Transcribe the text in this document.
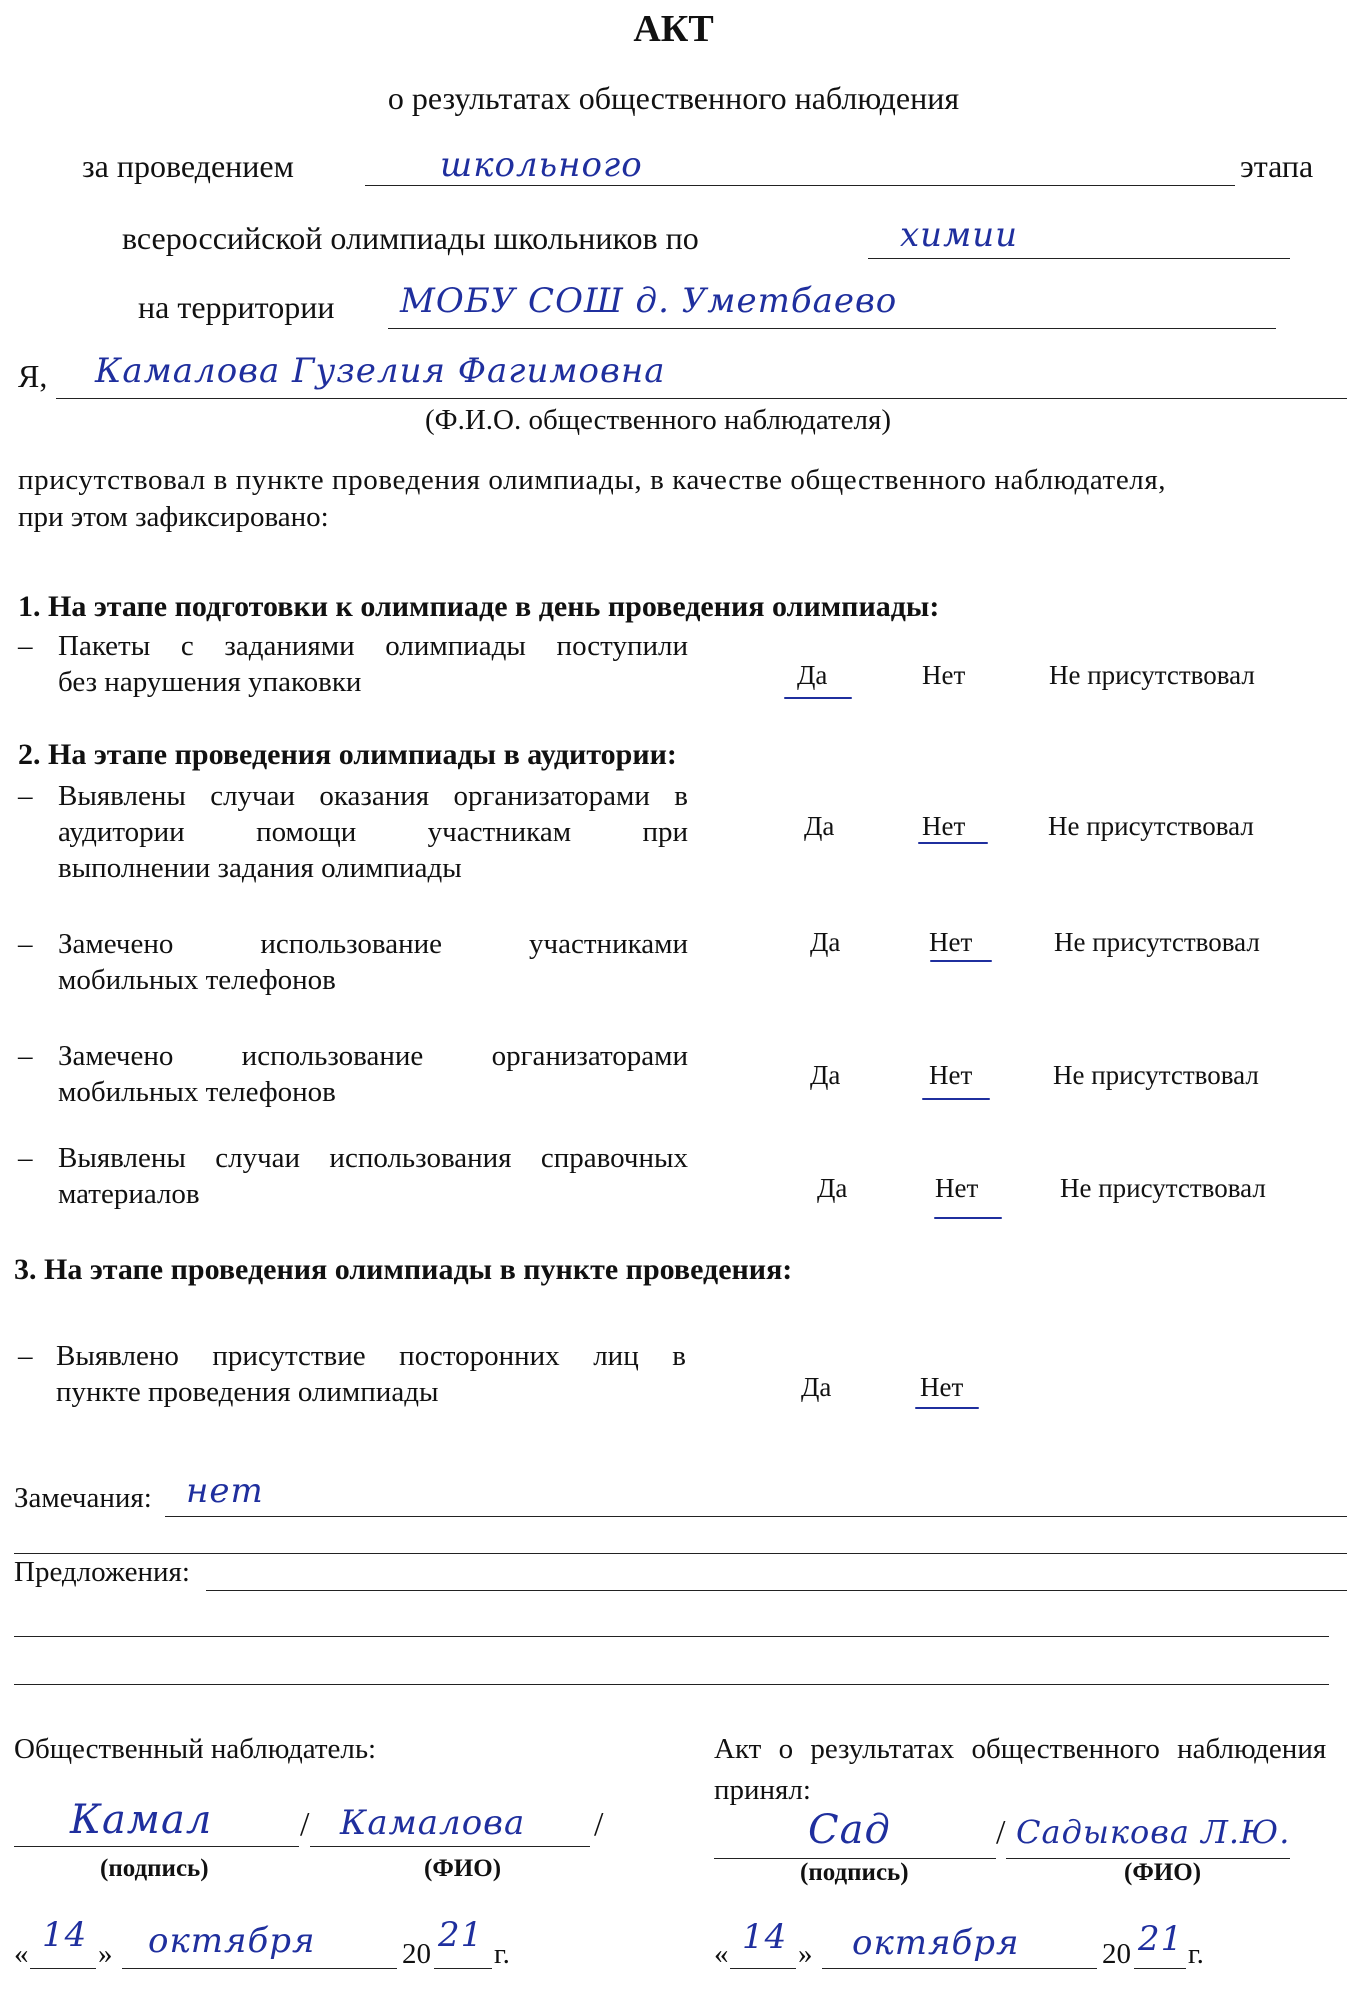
АКТ
о результатах общественного наблюдения
за проведением	школьного	этапа
всероссийской олимпиады школьников по	химии
на территории МОБУ СОШ д. Уметбаево
Я, Камалова Гузелия Фагимовна
(Ф.И.О. общественного наблюдателя)
присутствовал в пункте проведения олимпиады, в качестве общественного наблюдателя,
при этом зафиксировано:
1. На этапе подготовки к олимпиаде в день проведения олимпиады:
– Пакеты с заданиями олимпиады поступили
без нарушения упаковки	Да	Нет	Не присутствовал
2. На этапе проведения олимпиады в аудитории:
– Выявлены случаи оказания организаторами в
аудитории помощи участникам при
выполнении задания олимпиады
Да	Нет	Не присутствовал
– Замечено использование участниками
мобильных телефонов
Да	Нет	Не присутствовал
– Замечено использование организаторами
мобильных телефонов
Да	Нет	Не присутствовал
– Выявлены случаи использования справочных
материалов	Да	Нет	Не присутствовал
3. На этапе проведения олимпиады в пункте проведения:
– Выявлено присутствие посторонних лиц в
пункте проведения олимпиады	Да	Нет
Замечания: нет
Предложения:
Общественный наблюдатель:
Камал	/ Камалова /
(подпись)	(ФИО)
« 14 » октября	20 21 г.
Акт о результатах общественного наблюдения
принял:
Сад	/ Садыкова Л.Ю.
(подпись)	(ФИО)
« 14 » октября	20 21 г.
